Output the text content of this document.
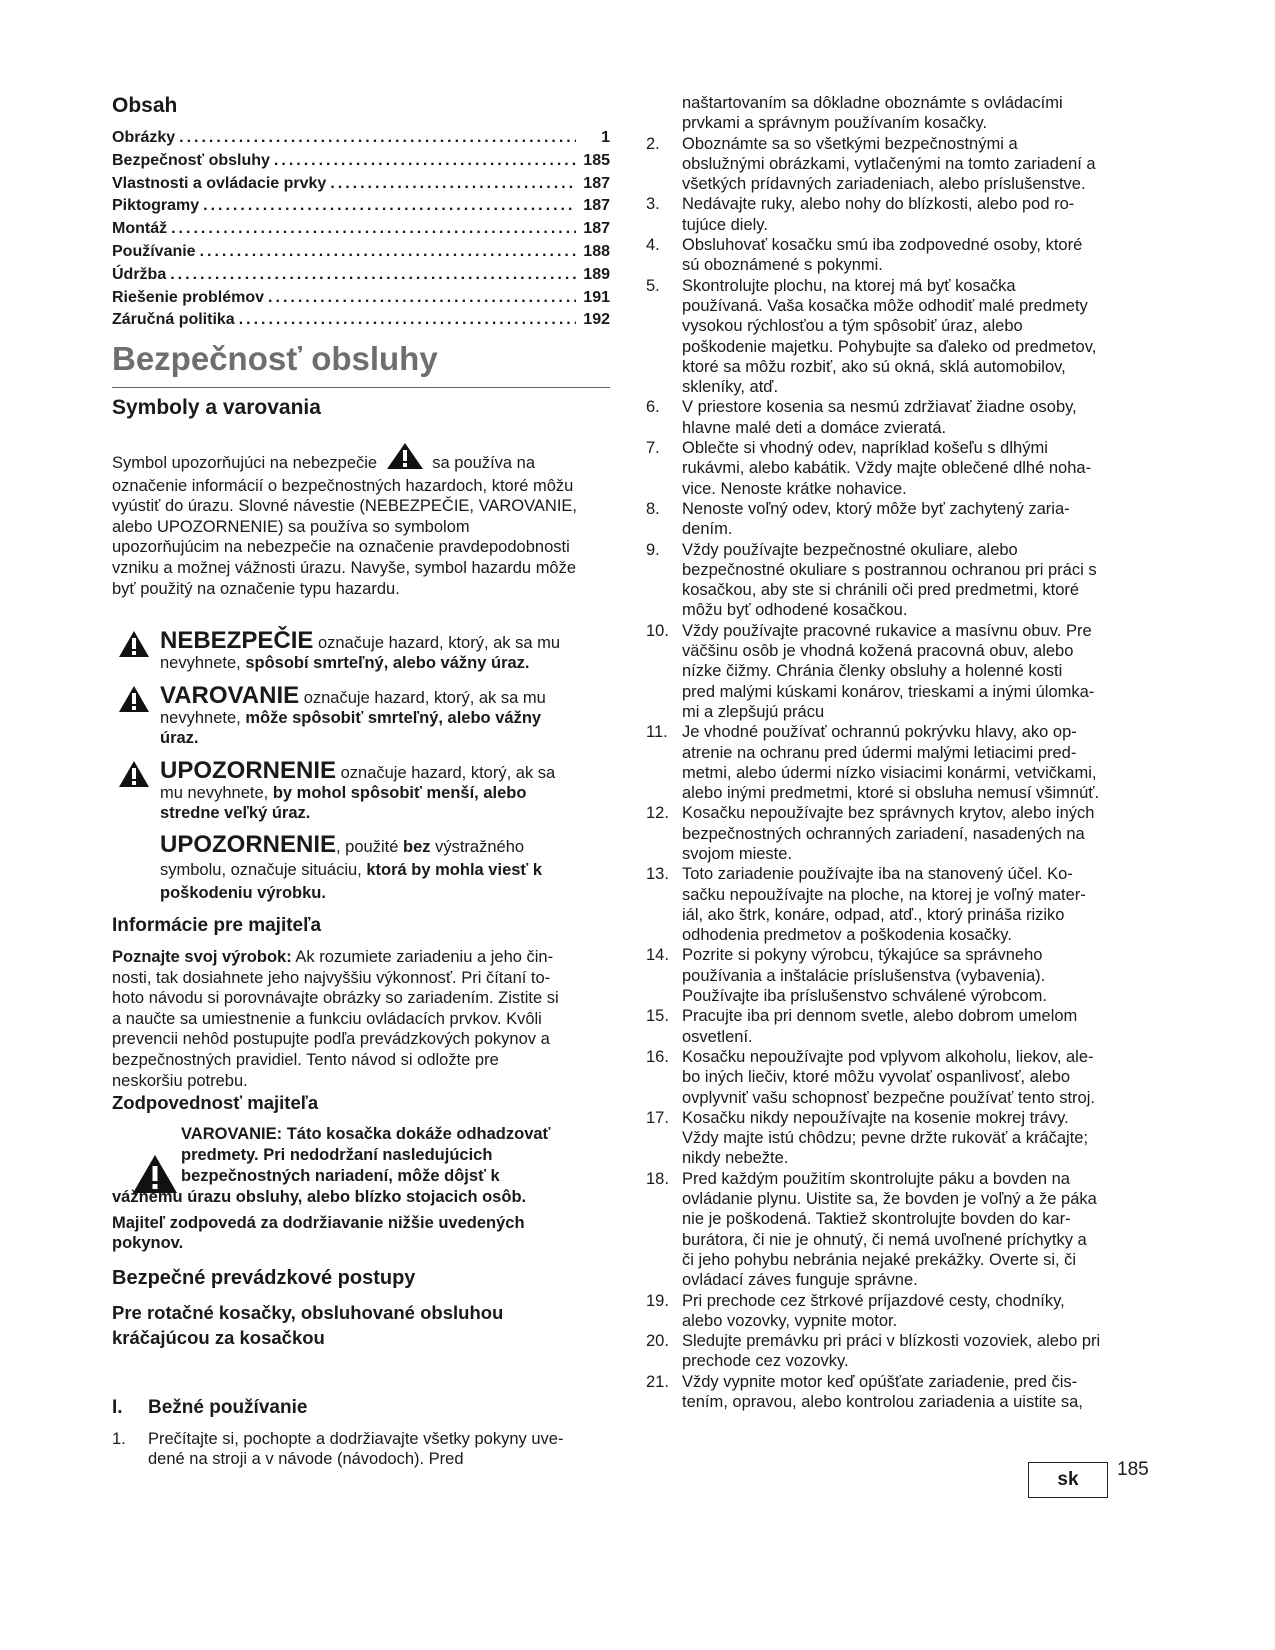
Obsah
Obrázky .....	1
Bezpečnosť obsluhy .....	185
Vlastnosti a ovládacie prvky .....	187
Piktogramy .....	187
Montáž .....	187
Používanie .....	188
Údržba .....	189
Riešenie problémov .....	191
Záručná politika .....	192
Bezpečnosť obsluhy
Symboly a varovania

Symbol upozorňujúci na nebezpečie	sa používa na
označenie informácií o bezpečnostných hazardoch, ktoré môžu
vyústiť do úrazu. Slovné návestie (NEBEZPEČIE, VAROVANIE,
alebo UPOZORNENIE) sa používa so symbolom
upozorňujúcim na nebezpečie na označenie pravdepodobnosti
vzniku a možnej vážnosti úrazu. Navyše, symbol hazardu môže
byť použitý na označenie typu hazardu.

NEBEZPEČIE označuje hazard, ktorý, ak sa mu
nevyhnete, spôsobí smrteľný, alebo vážny úraz.
VAROVANIE označuje hazard, ktorý, ak sa mu
nevyhnete, môže spôsobiť smrteľný, alebo vážny
úraz.
UPOZORNENIE označuje hazard, ktorý, ak sa
mu nevyhnete, by mohol spôsobiť menší, alebo
stredne veľký úraz.
UPOZORNENIE, použité bez výstražného
symbolu, označuje situáciu, ktorá by mohla viesť k
poškodeniu výrobku.
Informácie pre majiteľa

Poznajte svoj výrobok: Ak rozumiete zariadeniu a jeho čin-
nosti, tak dosiahnete jeho najvyššiu výkonnosť. Pri čítaní to-
hoto návodu si porovnávajte obrázky so zariadením. Zistite si
a naučte sa umiestnenie a funkciu ovládacích prvkov. Kvôli
prevencii nehôd postupujte podľa prevádzkových pokynov a
bezpečnostných pravidiel. Tento návod si odložte pre
neskoršiu potrebu.

Zodpovednosť majiteľa
VAROVANIE: Táto kosačka dokáže odhadzovať
predmety. Pri nedodržaní nasledujúcich
bezpečnostných nariadení, môže dôjsť k
vážnemu úrazu obsluhy, alebo blízko stojacich osôb.

Majiteľ zodpovedá za dodržiavanie nižšie uvedených
pokynov.

Bezpečné prevádzkové postupy
Pre rotačné kosačky, obsluhované obsluhou
kráčajúcou za kosačkou
I. Bežné používanie
1.	Prečítajte si, pochopte a dodržiavajte všetky pokyny uve-
dené na stroji a v návode (návodoch). Pred
naštartovaním sa dôkladne oboznámte s ovládacími
prvkami a správnym používaním kosačky.
2.	Oboznámte sa so všetkými bezpečnostnými a
obslužnými obrázkami, vytlačenými na tomto zariadení a
všetkých prídavných zariadeniach, alebo príslušenstve.
3.	Nedávajte ruky, alebo nohy do blízkosti, alebo pod ro-
tujúce diely.
4.	Obsluhovať kosačku smú iba zodpovedné osoby, ktoré
sú oboznámené s pokynmi.
5.	Skontrolujte plochu, na ktorej má byť kosačka
používaná. Vaša kosačka môže odhodiť malé predmety
vysokou rýchlosťou a tým spôsobiť úraz, alebo
poškodenie majetku. Pohybujte sa ďaleko od predmetov,
ktoré sa môžu rozbiť, ako sú okná, sklá automobilov,
skleníky, atď.
6.	V priestore kosenia sa nesmú zdržiavať žiadne osoby,
hlavne malé deti a domáce zvieratá.
7.	Oblečte si vhodný odev, napríklad košeľu s dlhými
rukávmi, alebo kabátik. Vždy majte oblečené dlhé noha-
vice. Nenoste krátke nohavice.
8.	Nenoste voľný odev, ktorý môže byť zachytený zaria-
dením.
9.	Vždy používajte bezpečnostné okuliare, alebo
bezpečnostné okuliare s postrannou ochranou pri práci s
kosačkou, aby ste si chránili oči pred predmetmi, ktoré
môžu byť odhodené kosačkou.
10. Vždy používajte pracovné rukavice a masívnu obuv. Pre
väčšinu osôb je vhodná kožená pracovná obuv, alebo
nízke čižmy. Chránia členky obsluhy a holenné kosti
pred malými kúskami konárov, trieskami a inými úlomka-
mi a zlepšujú prácu
11. Je vhodné používať ochrannú pokrývku hlavy, ako op-
atrenie na ochranu pred údermi malými letiacimi pred-
metmi, alebo údermi nízko visiacimi konármi, vetvičkami,
alebo inými predmetmi, ktoré si obsluha nemusí všimnúť.
12. Kosačku nepoužívajte bez správnych krytov, alebo iných
bezpečnostných ochranných zariadení, nasadených na
svojom mieste.
13. Toto zariadenie používajte iba na stanovený účel. Ko-
sačku nepoužívajte na ploche, na ktorej je voľný mater-
iál, ako štrk, konáre, odpad, atď., ktorý prináša riziko
odhodenia predmetov a poškodenia kosačky.
14. Pozrite si pokyny výrobcu, týkajúce sa správneho
používania a inštalácie príslušenstva (vybavenia).
Používajte iba príslušenstvo schválené výrobcom.
15. Pracujte iba pri dennom svetle, alebo dobrom umelom
osvetlení.
16. Kosačku nepoužívajte pod vplyvom alkoholu, liekov, ale-
bo iných liečiv, ktoré môžu vyvolať ospanlivosť, alebo
ovplyvniť vašu schopnosť bezpečne používať tento stroj.
17. Kosačku nikdy nepoužívajte na kosenie mokrej trávy.
Vždy majte istú chôdzu; pevne držte rukoväť a kráčajte;
nikdy nebežte.
18. Pred každým použitím skontrolujte páku a bovden na
ovládanie plynu. Uistite sa, že bovden je voľný a že páka
nie je poškodená. Taktiež skontrolujte bovden do kar-
burátora, či nie je ohnutý, či nemá uvoľnené príchytky a
či jeho pohybu nebránia nejaké prekážky. Overte si, či
ovládací záves funguje správne.
19. Pri prechode cez štrkové príjazdové cesty, chodníky,
alebo vozovky, vypnite motor.
20. Sledujte premávku pri práci v blízkosti vozoviek, alebo pri
prechode cez vozovky.
21. Vždy vypnite motor keď opúšťate zariadenie, pred čis-
tením, opravou, alebo kontrolou zariadenia a uistite sa,
sk	185
